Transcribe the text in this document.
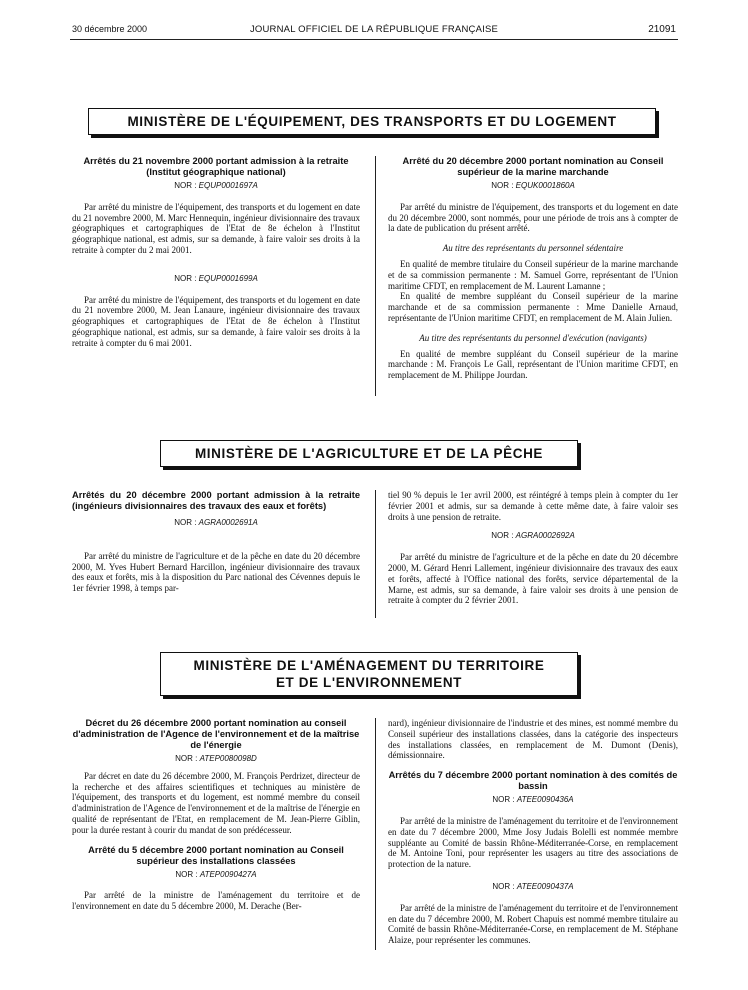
30 décembre 2000	JOURNAL OFFICIEL DE LA RÉPUBLIQUE FRANÇAISE	21091
MINISTÈRE DE L'ÉQUIPEMENT, DES TRANSPORTS ET DU LOGEMENT
Arrêtés du 21 novembre 2000 portant admission à la retraite (Institut géographique national)
NOR : EQUP0001697A

Par arrêté du ministre de l'équipement, des transports et du logement en date du 21 novembre 2000, M. Marc Hennequin, ingénieur divisionnaire des travaux géographiques et cartographiques de l'Etat de 8e échelon à l'Institut géographique national, est admis, sur sa demande, à faire valoir ses droits à la retraite à compter du 2 mai 2001.

NOR : EQUP0001699A

Par arrêté du ministre de l'équipement, des transports et du logement en date du 21 novembre 2000, M. Jean Lanaure, ingénieur divisionnaire des travaux géographiques et cartographiques de l'Etat de 8e échelon à l'Institut géographique national, est admis, sur sa demande, à faire valoir ses droits à la retraite à compter du 6 mai 2001.

Arrêté du 20 décembre 2000 portant nomination au Conseil supérieur de la marine marchande
NOR : EQUK0001860A

Par arrêté du ministre de l'équipement, des transports et du logement en date du 20 décembre 2000, sont nommés, pour une période de trois ans à compter de la date de publication du présent arrêté.

Au titre des représentants du personnel sédentaire

En qualité de membre titulaire du Conseil supérieur de la marine marchande et de sa commission permanente : M. Samuel Gorre, représentant de l'Union maritime CFDT, en remplacement de M. Laurent Lamanne ;

En qualité de membre suppléant du Conseil supérieur de la marine marchande et de sa commission permanente : Mme Danielle Arnaud, représentante de l'Union maritime CFDT, en remplacement de M. Alain Julien.

Au titre des représentants du personnel d'exécution (navigants)

En qualité de membre suppléant du Conseil supérieur de la marine marchande : M. François Le Gall, représentant de l'Union maritime CFDT, en remplacement de M. Philippe Jourdan.

MINISTÈRE DE L'AGRICULTURE ET DE LA PÊCHE
Arrêtés du 20 décembre 2000 portant admission à la retraite (ingénieurs divisionnaires des travaux des eaux et forêts)
NOR : AGRA0002691A

Par arrêté du ministre de l'agriculture et de la pêche en date du 20 décembre 2000, M. Yves Hubert Bernard Harcillon, ingénieur divisionnaire des travaux des eaux et forêts, mis à la disposition du Parc national des Cévennes depuis le 1er février 1998, à temps par-

tiel 90 % depuis le 1er avril 2000, est réintégré à temps plein à compter du 1er février 2001 et admis, sur sa demande à cette même date, à faire valoir ses droits à une pension de retraite.

NOR : AGRA0002692A

Par arrêté du ministre de l'agriculture et de la pêche en date du 20 décembre 2000, M. Gérard Henri Lallement, ingénieur divisionnaire des travaux des eaux et forêts, affecté à l'Office national des forêts, service départemental de la Marne, est admis, sur sa demande, à faire valoir ses droits à une pension de retraite à compter du 2 février 2001.

MINISTÈRE DE L'AMÉNAGEMENT DU TERRITOIRE
ET DE L'ENVIRONNEMENT
Décret du 26 décembre 2000 portant nomination au conseil d'administration de l'Agence de l'environnement et de la maîtrise de l'énergie
NOR : ATEP0080098D

Par décret en date du 26 décembre 2000, M. François Perdrizet, directeur de la recherche et des affaires scientifiques et techniques au ministère de l'équipement, des transports et du logement, est nommé membre du conseil d'administration de l'Agence de l'environnement et de la maîtrise de l'énergie en qualité de représentant de l'Etat, en remplacement de M. Jean-Pierre Giblin, pour la durée restant à courir du mandat de son prédécesseur.

Arrêté du 5 décembre 2000 portant nomination au Conseil supérieur des installations classées
NOR : ATEP0090427A

Par arrêté de la ministre de l'aménagement du territoire et de l'environnement en date du 5 décembre 2000, M. Derache (Ber-

nard), ingénieur divisionnaire de l'industrie et des mines, est nommé membre du Conseil supérieur des installations classées, dans la catégorie des inspecteurs des installations classées, en remplacement de M. Dumont (Denis), démissionnaire.

Arrêtés du 7 décembre 2000 portant nomination à des comités de bassin
NOR : ATEE0090436A

Par arrêté de la ministre de l'aménagement du territoire et de l'environnement en date du 7 décembre 2000, Mme Josy Judais Bolelli est nommée membre suppléante au Comité de bassin Rhône-Méditerranée-Corse, en remplacement de M. Antoine Toni, pour représenter les usagers au titre des associations de protection de la nature.

NOR : ATEE0090437A

Par arrêté de la ministre de l'aménagement du territoire et de l'environnement en date du 7 décembre 2000, M. Robert Chapuis est nommé membre titulaire au Comité de bassin Rhône-Méditerranée-Corse, en remplacement de M. Stéphane Alaize, pour représenter les communes.
